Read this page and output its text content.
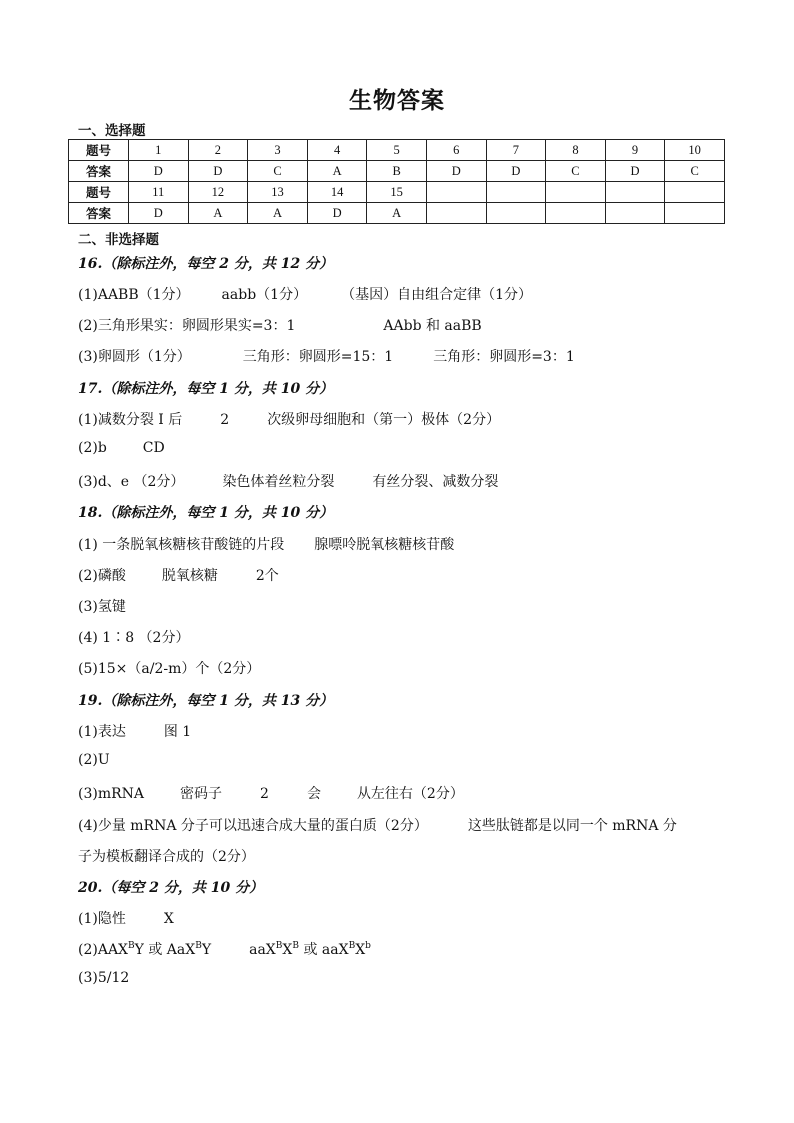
生物答案
一、选择题
题号	1	2	3	4	5	6	7	8	9	10
答案	D	D	C	A	B	D	D	C	D	C
题号	11	12	13	14	15					
答案	D	A	A	D	A					
二、非选择题
16.（除标注外，每空 2 分，共 12 分）
(1)AABB（1分） aabb（1分） （基因）自由组合定律（1分）
(2)三角形果实：卵圆形果实=3：1	AAbb 和 aaBB
(3)卵圆形（1分）	三角形：卵圆形=15：1	三角形：卵圆形=3：1
17.（除标注外，每空 1 分，共 10 分）
(1)减数分裂 I 后	2	次级卵母细胞和（第一）极体（2分）
(2)b	CD
(3)d、e （2分）	染色体着丝粒分裂	有丝分裂、减数分裂
18.（除标注外，每空 1 分，共 10 分）
(1) 一条脱氧核糖核苷酸链的片段 腺嘌呤脱氧核糖核苷酸
(2)磷酸	脱氧核糖	2个
(3)氢键
(4) 1∶8 （2分）
(5)15×（a/2-m）个（2分）
19.（除标注外，每空 1 分，共 13 分）
(1)表达	图 1
(2)U
(3)mRNA	密码子	2	会	从左往右（2分）
(4)少量 mRNA 分子可以迅速合成大量的蛋白质（2分）	这些肽链都是以同一个 mRNA 分
子为模板翻译合成的（2分）
20.（每空 2 分，共 10 分）
(1)隐性	X
$(2)AAX^BY$ 或 AaX$^B$Y	$aaX^BX^B$ 或 $aaX^BX^b$
(3)5/12
